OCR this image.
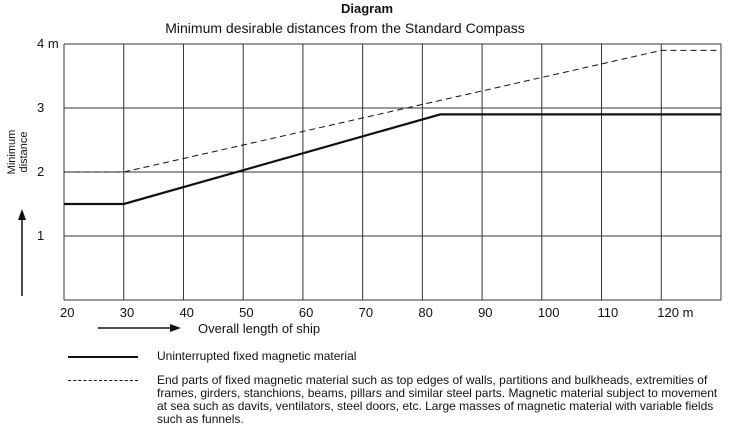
Diagram
Minimum desirable distances from the Standard Compass
20	30	40	50	60	70	80	90	100	110	120 m
1
2
3
4 m
Minimum distance
Overall length of ship
Uninterrupted fixed magnetic material
End parts of fixed magnetic material such as top edges of walls, partitions and bulkheads, extremities of frames, girders, stanchions, beams, pillars and similar steel parts. Magnetic material subject to movement at sea such as davits, ventilators, steel doors, etc. Large masses of magnetic material with variable fields such as funnels.
